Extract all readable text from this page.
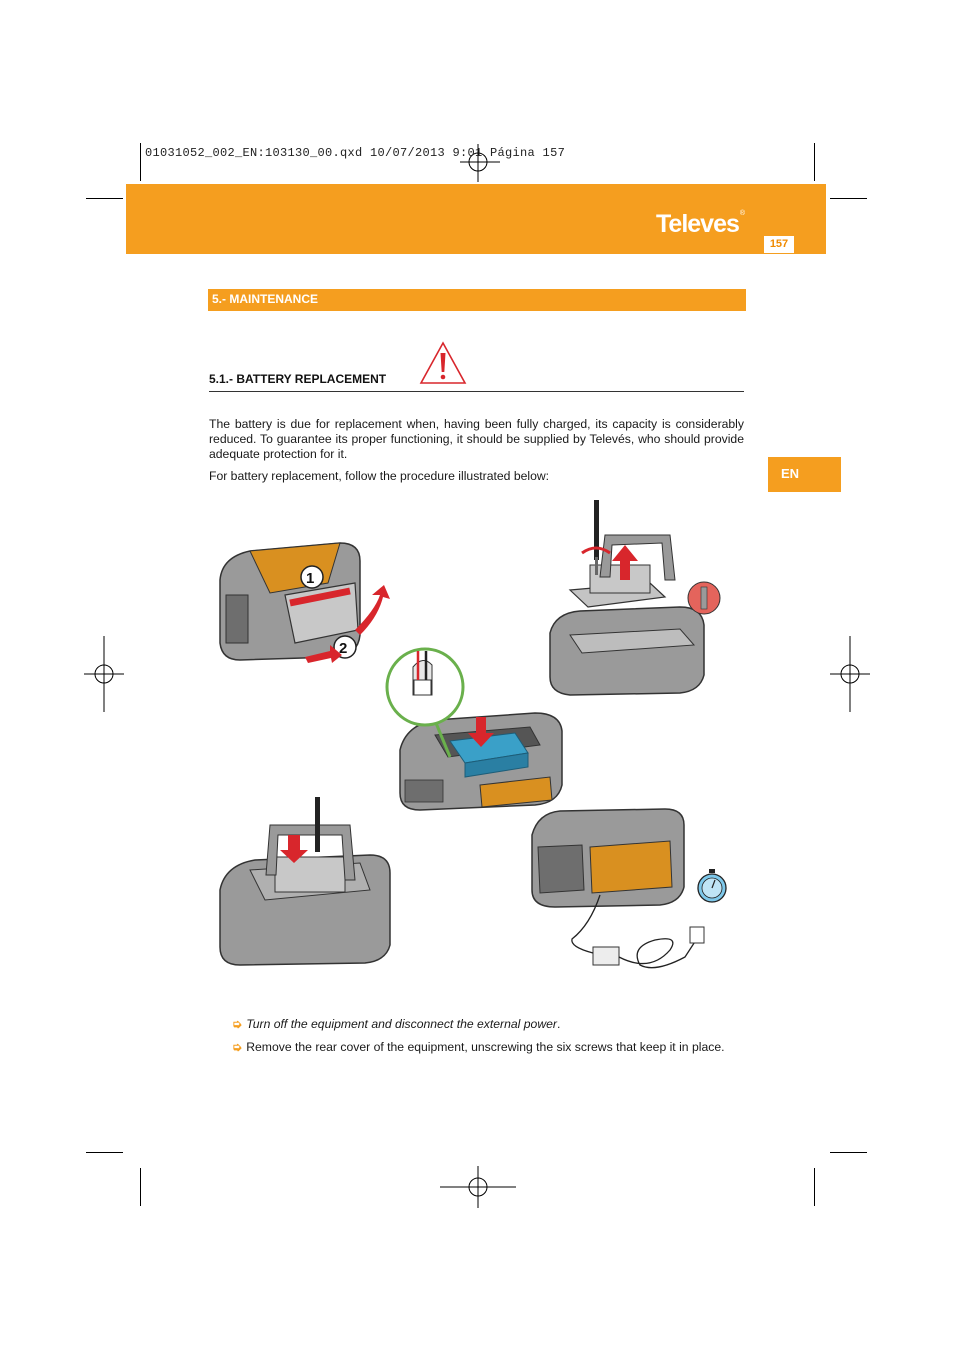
01031052_002_EN:103130_00.qxd 10/07/2013 9:01 Página 157
Televes®
157
5.- MAINTENANCE
5.1.- BATTERY REPLACEMENT
The battery is due for replacement when, having been fully charged, its capacity is considerably reduced. To guarantee its proper functioning, it should be supplied by Televés, who should provide adequate protection for it.
For battery replacement, follow the procedure illustrated below:	EN
1
2
➭ Turn off the equipment and disconnect the external power.
➭ Remove the rear cover of the equipment, unscrewing the six screws that keep it in place.
